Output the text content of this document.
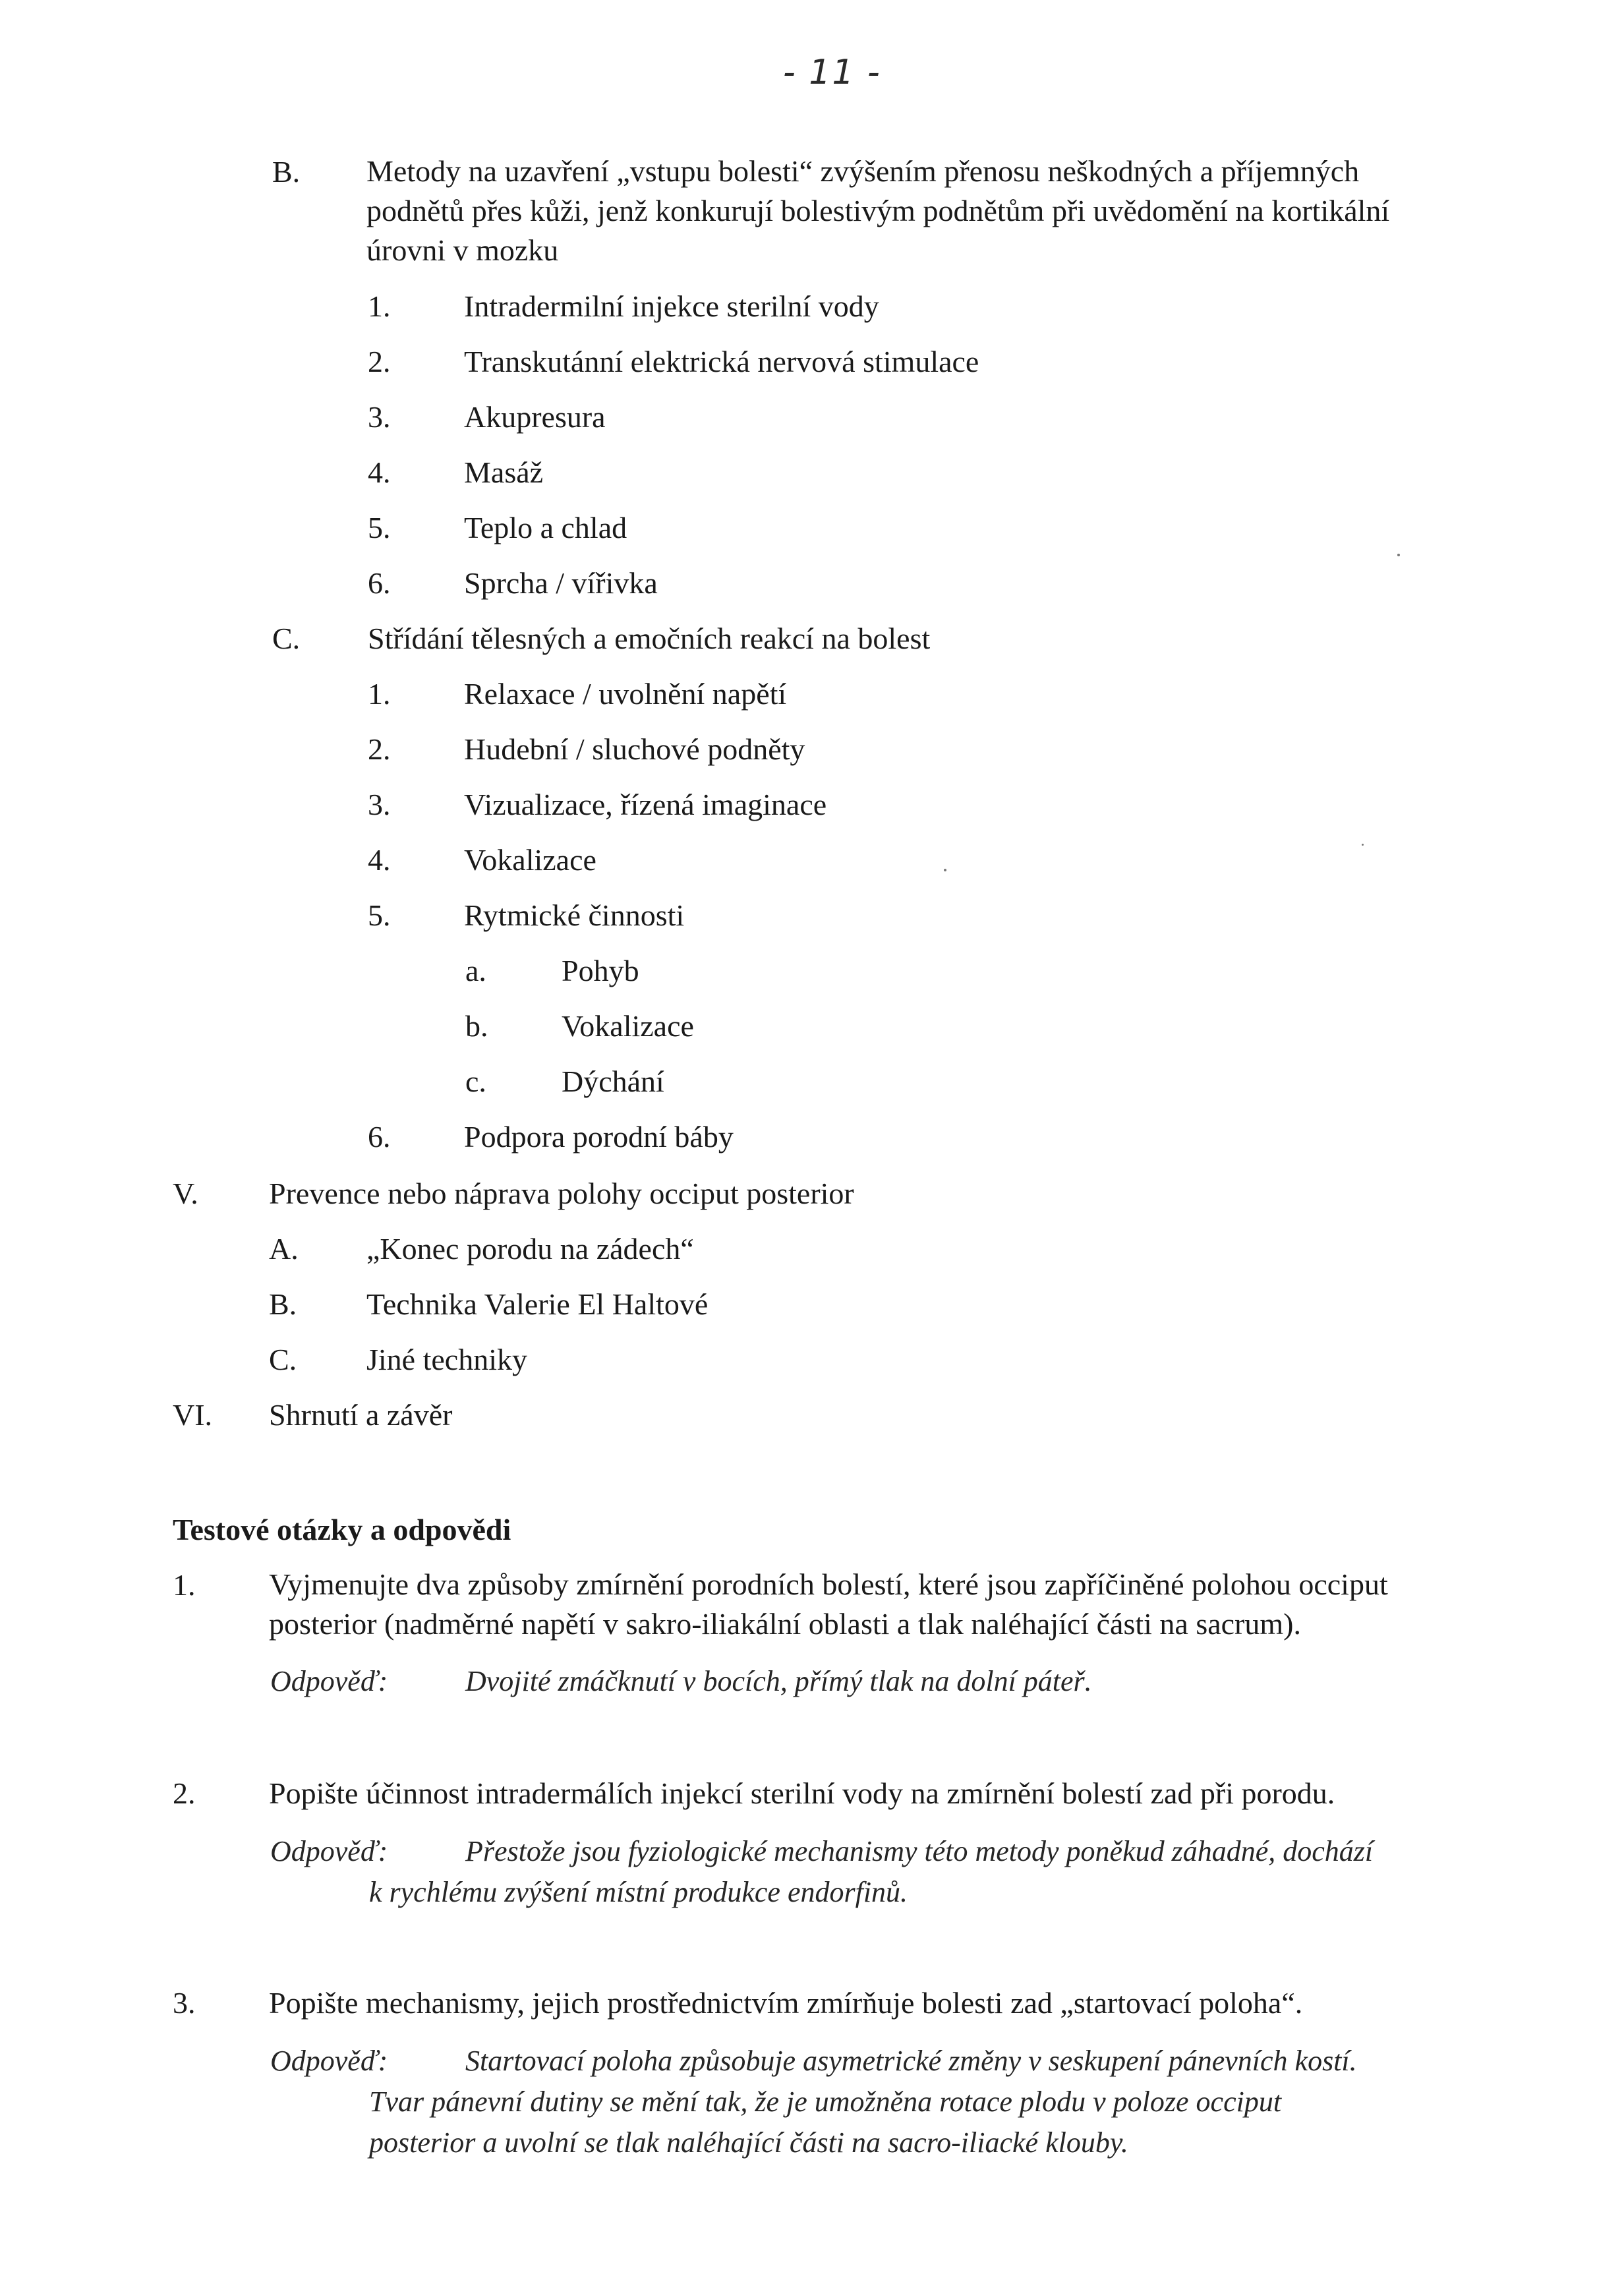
- 11 -
B. Metody na uzavření „vstupu bolesti“ zvýšením přenosu neškodných a příjemných
podnětů přes kůži, jenž konkurují bolestivým podnětům při uvědomění na kortikální
úrovni v mozku
1. Intradermilní injekce sterilní vody
2. Transkutánní elektrická nervová stimulace
3. Akupresura
4. Masáž
5. Teplo a chlad
6. Sprcha / vířivka
C. Střídání tělesných a emočních reakcí na bolest
1. Relaxace / uvolnění napětí
2. Hudební / sluchové podněty
3. Vizualizace, řízená imaginace
4. Vokalizace
5. Rytmické činnosti
a. Pohyb
b. Vokalizace
c. Dýchání
6. Podpora porodní báby
V. Prevence nebo náprava polohy occiput posterior
A. „Konec porodu na zádech“
B. Technika Valerie El Haltové
C. Jiné techniky
VI. Shrnutí a závěr
Testové otázky a odpovědi
1. Vyjmenujte dva způsoby zmírnění porodních bolestí, které jsou zapříčiněné polohou occiput
posterior (nadměrné napětí v sakro-iliakální oblasti a tlak naléhající části na sacrum).
Odpověď:	Dvojité zmáčknutí v bocích, přímý tlak na dolní páteř.
2. Popište účinnost intradermálích injekcí sterilní vody na zmírnění bolestí zad při porodu.
Odpověď:	Přestože jsou fyziologické mechanismy této metody poněkud záhadné, dochází
k rychlému zvýšení místní produkce endorfinů.
3. Popište mechanismy, jejich prostřednictvím zmírňuje bolesti zad „startovací poloha“.
Odpověď:	Startovací poloha způsobuje asymetrické změny v seskupení pánevních kostí.
Tvar pánevní dutiny se mění tak, že je umožněna rotace plodu v poloze occiput
posterior a uvolní se tlak naléhající části na sacro-iliacké klouby.
